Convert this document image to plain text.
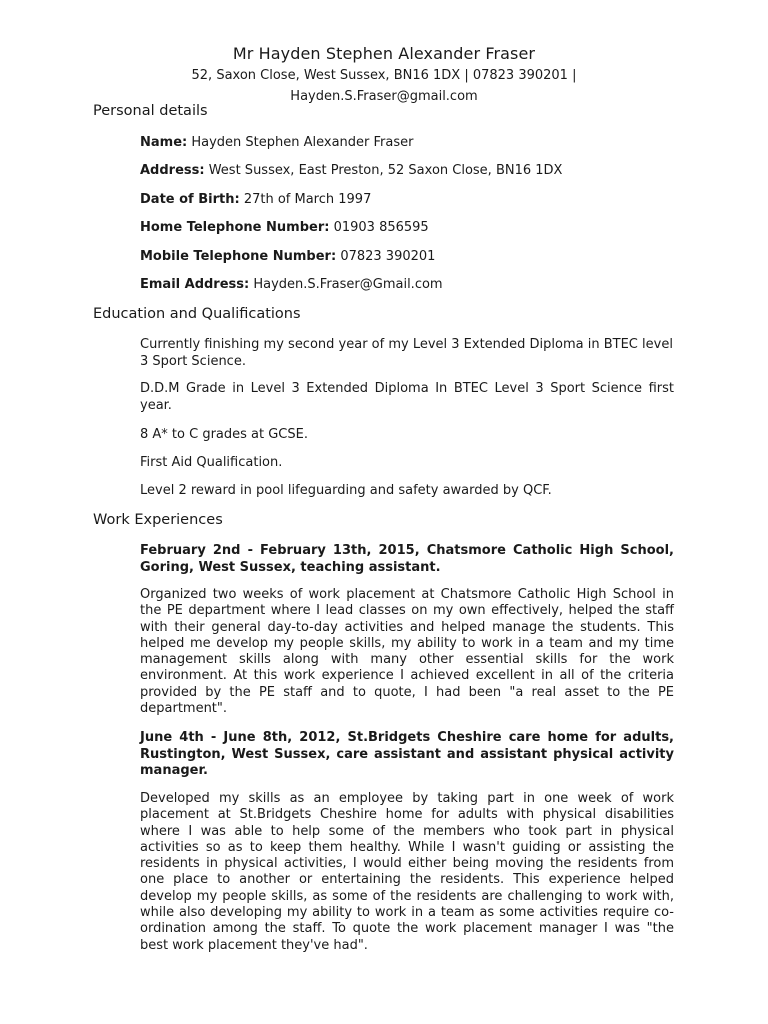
Mr Hayden Stephen Alexander Fraser
52, Saxon Close, West Sussex, BN16 1DX | 07823 390201 |
Hayden.S.Fraser@gmail.com
Personal details
Name: Hayden Stephen Alexander Fraser
Address: West Sussex, East Preston, 52 Saxon Close, BN16 1DX
Date of Birth: 27th of March 1997
Home Telephone Number: 01903 856595
Mobile Telephone Number: 07823 390201
Email Address: Hayden.S.Fraser@Gmail.com
Education and Qualifications
Currently finishing my second year of my Level 3 Extended Diploma in BTEC level 3 Sport Science.
D.D.M Grade in Level 3 Extended Diploma In BTEC Level 3 Sport Science first year.
8 A* to C grades at GCSE.
First Aid Qualification.
Level 2 reward in pool lifeguarding and safety awarded by QCF.
Work Experiences
February 2nd - February 13th, 2015, Chatsmore Catholic High School, Goring, West Sussex, teaching assistant.
Organized two weeks of work placement at Chatsmore Catholic High School in the PE department where I lead classes on my own effectively, helped the staff with their general day-to-day activities and helped manage the students. This helped me develop my people skills, my ability to work in a team and my time management skills along with many other essential skills for the work environment. At this work experience I achieved excellent in all of the criteria provided by the PE staff and to quote, I had been "a real asset to the PE department".
June 4th - June 8th, 2012, St.Bridgets Cheshire care home for adults, Rustington, West Sussex, care assistant and assistant physical activity manager.
Developed my skills as an employee by taking part in one week of work placement at St.Bridgets Cheshire home for adults with physical disabilities where I was able to help some of the members who took part in physical activities so as to keep them healthy. While I wasn't guiding or assisting the residents in physical activities, I would either being moving the residents from one place to another or entertaining the residents. This experience helped develop my people skills, as some of the residents are challenging to work with, while also developing my ability to work in a team as some activities require co-ordination among the staff. To quote the work placement manager I was "the best work placement they've had".
